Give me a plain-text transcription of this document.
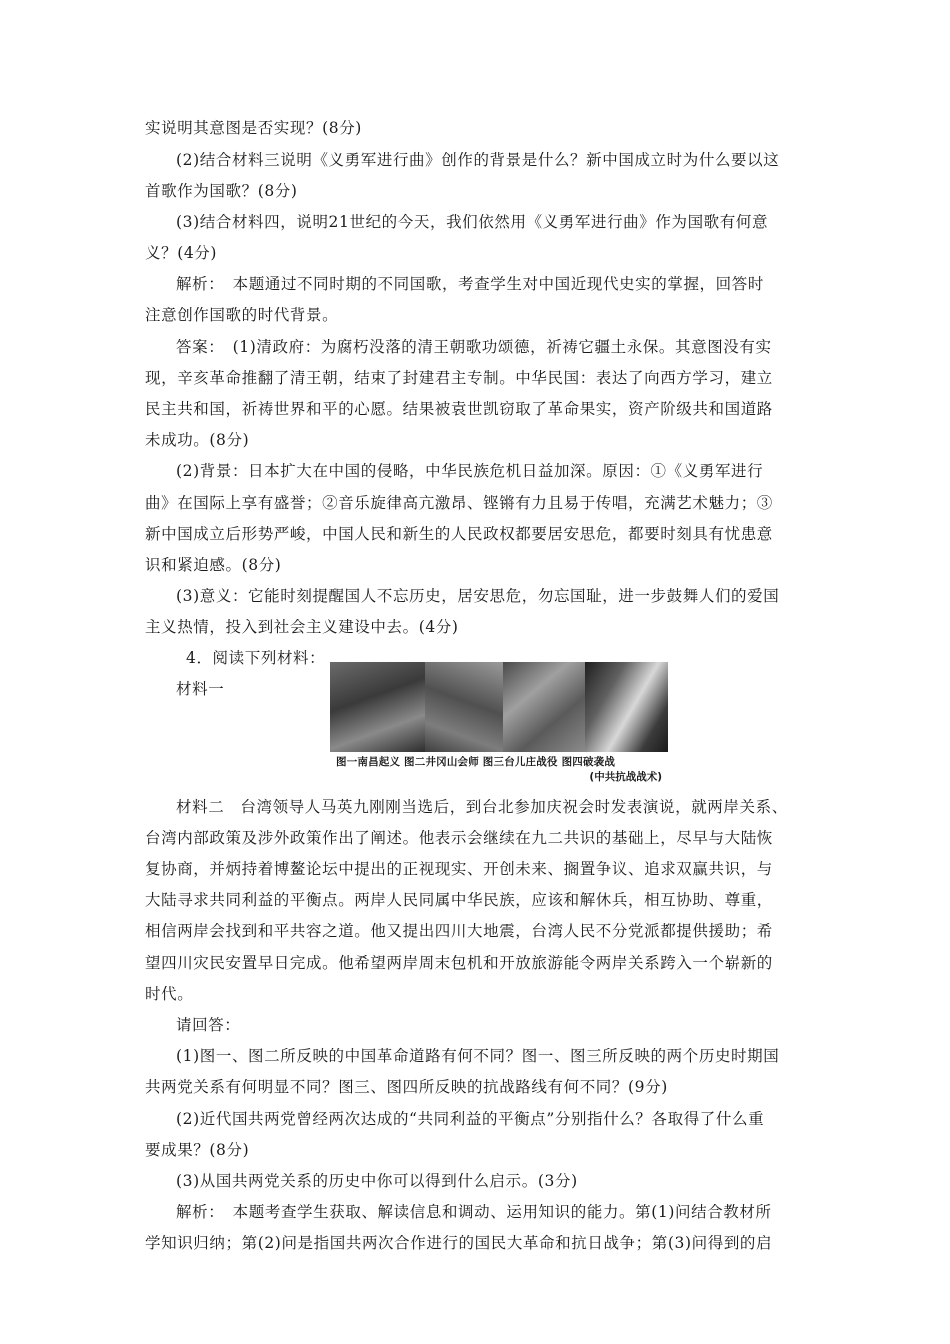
实说明其意图是否实现？(8分)
(2)结合材料三说明《义勇军进行曲》创作的背景是什么？新中国成立时为什么要以这
首歌作为国歌？(8分)
(3)结合材料四，说明21世纪的今天，我们依然用《义勇军进行曲》作为国歌有何意
义？(4分)
解析：　本题通过不同时期的不同国歌，考查学生对中国近现代史实的掌握，回答时
注意创作国歌的时代背景。
答案：　(1)清政府：为腐朽没落的清王朝歌功颂德，祈祷它疆土永保。其意图没有实
现，辛亥革命推翻了清王朝，结束了封建君主专制。中华民国：表达了向西方学习，建立
民主共和国，祈祷世界和平的心愿。结果被袁世凯窃取了革命果实，资产阶级共和国道路
未成功。(8分)
(2)背景：日本扩大在中国的侵略，中华民族危机日益加深。原因：①《义勇军进行
曲》在国际上享有盛誉；②音乐旋律高亢激昂、铿锵有力且易于传唱，充满艺术魅力；③
新中国成立后形势严峻，中国人民和新生的人民政权都要居安思危，都要时刻具有忧患意
识和紧迫感。(8分)
(3)意义：它能时刻提醒国人不忘历史，居安思危，勿忘国耻，进一步鼓舞人们的爱国
主义热情，投入到社会主义建设中去。(4分)
4．阅读下列材料：
材料一
图一南昌起义 图二井冈山会师 图三台儿庄战役 图四破袭战
(中共抗战战术)
材料二　台湾领导人马英九刚刚当选后，到台北参加庆祝会时发表演说，就两岸关系、
台湾内部政策及涉外政策作出了阐述。他表示会继续在九二共识的基础上，尽早与大陆恢
复协商，并炳持着博鳌论坛中提出的正视现实、开创未来、搁置争议、追求双赢共识，与
大陆寻求共同利益的平衡点。两岸人民同属中华民族，应该和解休兵，相互协助、尊重，
相信两岸会找到和平共容之道。他又提出四川大地震，台湾人民不分党派都提供援助；希
望四川灾民安置早日完成。他希望两岸周末包机和开放旅游能令两岸关系跨入一个崭新的
时代。
请回答：
(1)图一、图二所反映的中国革命道路有何不同？图一、图三所反映的两个历史时期国
共两党关系有何明显不同？图三、图四所反映的抗战路线有何不同？(9分)
(2)近代国共两党曾经两次达成的“共同利益的平衡点”分别指什么？各取得了什么重
要成果？(8分)
(3)从国共两党关系的历史中你可以得到什么启示。(3分)
解析：　本题考查学生获取、解读信息和调动、运用知识的能力。第(1)问结合教材所
学知识归纳；第(2)问是指国共两次合作进行的国民大革命和抗日战争；第(3)问得到的启
